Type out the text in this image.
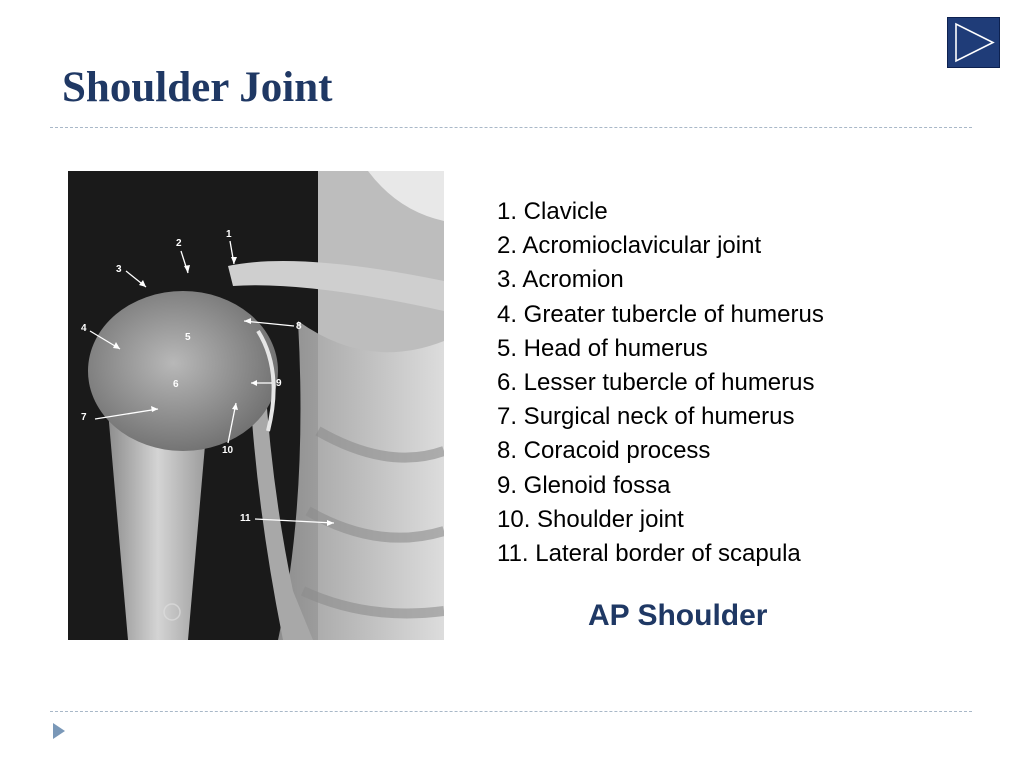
Shoulder Joint
1
2
3
4
5
6
7
8
9
10
11
1. Clavicle
2. Acromioclavicular joint
3. Acromion
4. Greater tubercle of humerus
5. Head of humerus
6. Lesser tubercle of humerus
7. Surgical neck of humerus
8. Coracoid process
9. Glenoid fossa
10. Shoulder joint
11. Lateral border of scapula

AP Shoulder
